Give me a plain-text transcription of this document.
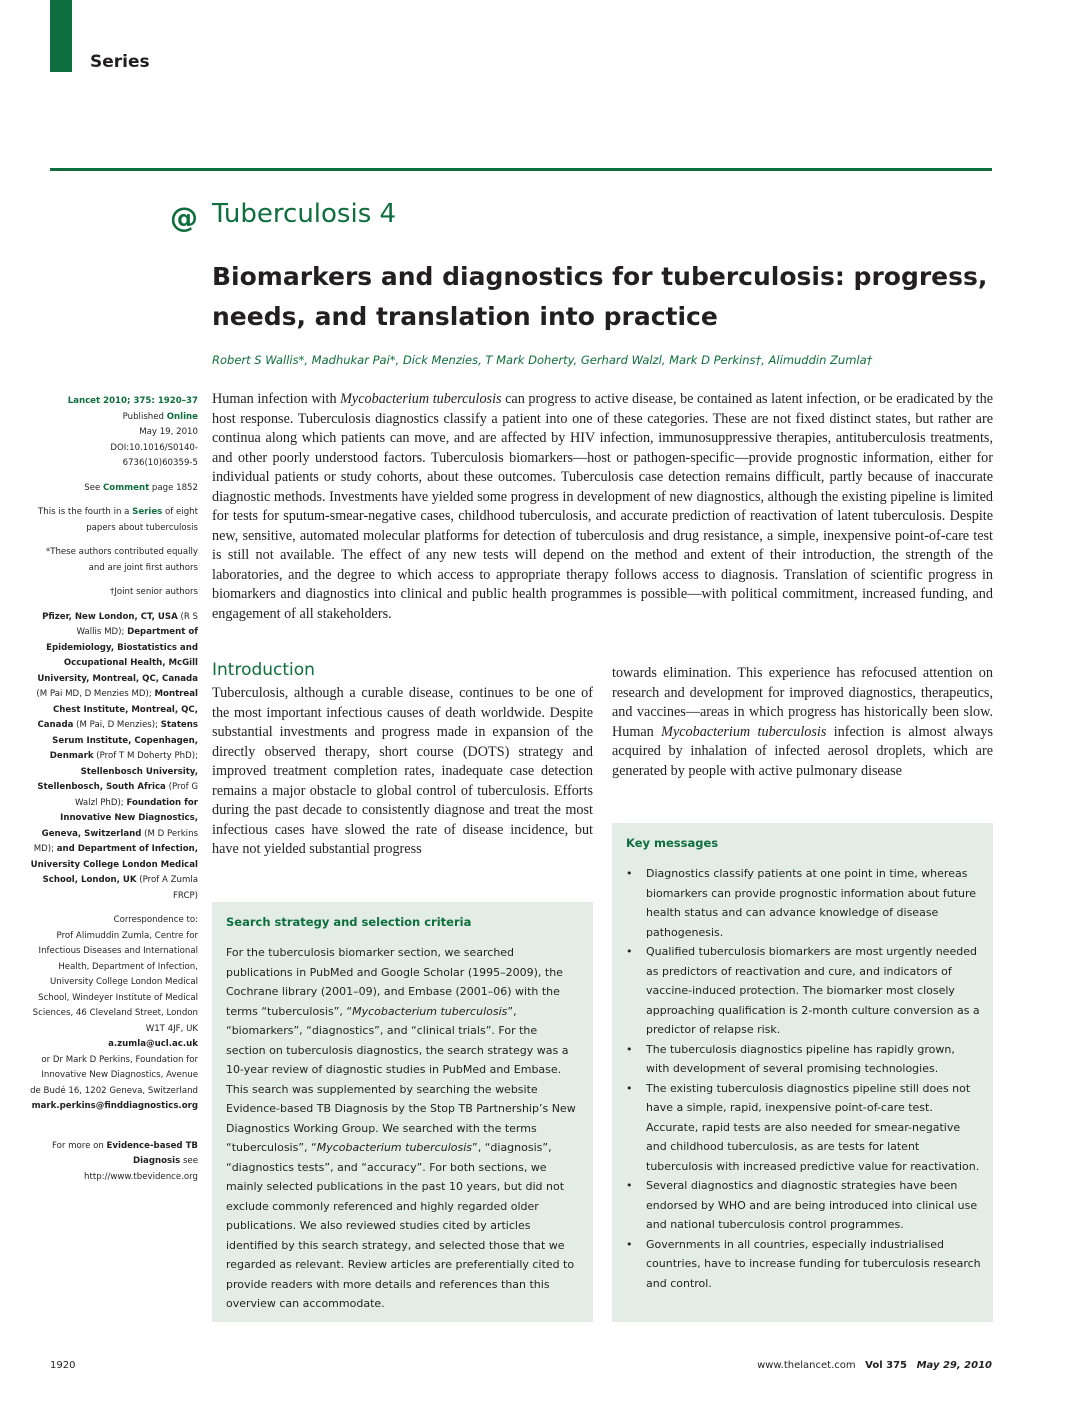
Series
@ Tuberculosis 4
Biomarkers and diagnostics for tuberculosis: progress, needs, and translation into practice
Robert S Wallis*, Madhukar Pai*, Dick Menzies, T Mark Doherty, Gerhard Walzl, Mark D Perkins†, Alimuddin Zumla†
Lancet 2010; 375: 1920–37
Published Online
May 19, 2010
DOI:10.1016/S0140-
6736(10)60359-5
See Comment page 1852
This is the fourth in a Series of eight papers about tuberculosis
*These authors contributed equally and are joint first authors
†Joint senior authors
Pfizer, New London, CT, USA (R S Wallis MD); Department of Epidemiology, Biostatistics and Occupational Health, McGill University, Montreal, QC, Canada (M Pai MD, D Menzies MD); Montreal Chest Institute, Montreal, QC, Canada (M Pai, D Menzies); Statens Serum Institute, Copenhagen, Denmark (Prof T M Doherty PhD); Stellenbosch University, Stellenbosch, South Africa (Prof G Walzl PhD); Foundation for Innovative New Diagnostics, Geneva, Switzerland (M D Perkins MD); and Department of Infection, University College London Medical School, London, UK (Prof A Zumla FRCP)
Correspondence to:
Prof Alimuddin Zumla, Centre for Infectious Diseases and International Health, Department of Infection, University College London Medical School, Windeyer Institute of Medical Sciences, 46 Cleveland Street, London W1T 4JF, UK
a.zumla@ucl.ac.uk
or Dr Mark D Perkins, Foundation for Innovative New Diagnostics, Avenue de Budé 16, 1202 Geneva, Switzerland
mark.perkins@finddiagnostics.org
For more on Evidence-based TB Diagnosis see http://www.tbevidence.org
Human infection with Mycobacterium tuberculosis can progress to active disease, be contained as latent infection, or be eradicated by the host response. Tuberculosis diagnostics classify a patient into one of these categories. These are not fixed distinct states, but rather are continua along which patients can move, and are affected by HIV infection, immunosuppressive therapies, antituberculosis treatments, and other poorly understood factors. Tuberculosis biomarkers—host or pathogen-specific—provide prognostic information, either for individual patients or study cohorts, about these outcomes. Tuberculosis case detection remains difficult, partly because of inaccurate diagnostic methods. Investments have yielded some progress in development of new diagnostics, although the existing pipeline is limited for tests for sputum-smear-negative cases, childhood tuberculosis, and accurate prediction of reactivation of latent tuberculosis. Despite new, sensitive, automated molecular platforms for detection of tuberculosis and drug resistance, a simple, inexpensive point-of-care test is still not available. The effect of any new tests will depend on the method and extent of their introduction, the strength of the laboratories, and the degree to which access to appropriate therapy follows access to diagnosis. Translation of scientific progress in biomarkers and diagnostics into clinical and public health programmes is possible—with political commitment, increased funding, and engagement of all stakeholders.
Introduction
Tuberculosis, although a curable disease, continues to be one of the most important infectious causes of death worldwide. Despite substantial investments and progress made in expansion of the directly observed therapy, short course (DOTS) strategy and improved treatment completion rates, inadequate case detection remains a major obstacle to global control of tuberculosis. Efforts during the past decade to consistently diagnose and treat the most infectious cases have slowed the rate of disease incidence, but have not yielded substantial progress
towards elimination. This experience has refocused attention on research and development for improved diagnostics, therapeutics, and vaccines—areas in which progress has historically been slow. Human Mycobacterium tuberculosis infection is almost always acquired by inhalation of infected aerosol droplets, which are generated by people with active pulmonary disease
Search strategy and selection criteria
For the tuberculosis biomarker section, we searched publications in PubMed and Google Scholar (1995–2009), the Cochrane library (2001–09), and Embase (2001–06) with the terms “tuberculosis”, “Mycobacterium tuberculosis”, “biomarkers”, “diagnostics”, and “clinical trials”. For the section on tuberculosis diagnostics, the search strategy was a 10-year review of diagnostic studies in PubMed and Embase. This search was supplemented by searching the website Evidence-based TB Diagnosis by the Stop TB Partnership’s New Diagnostics Working Group. We searched with the terms “tuberculosis”, “Mycobacterium tuberculosis”, “diagnosis”, “diagnostics tests”, and “accuracy”. For both sections, we mainly selected publications in the past 10 years, but did not exclude commonly referenced and highly regarded older publications. We also reviewed studies cited by articles identified by this search strategy, and selected those that we regarded as relevant. Review articles are preferentially cited to provide readers with more details and references than this overview can accommodate.
Key messages
• Diagnostics classify patients at one point in time, whereas biomarkers can provide prognostic information about future health status and can advance knowledge of disease pathogenesis.
• Qualified tuberculosis biomarkers are most urgently needed as predictors of reactivation and cure, and indicators of vaccine-induced protection. The biomarker most closely approaching qualification is 2-month culture conversion as a predictor of relapse risk.
• The tuberculosis diagnostics pipeline has rapidly grown, with development of several promising technologies.
• The existing tuberculosis diagnostics pipeline still does not have a simple, rapid, inexpensive point-of-care test. Accurate, rapid tests are also needed for smear-negative and childhood tuberculosis, as are tests for latent tuberculosis with increased predictive value for reactivation.
• Several diagnostics and diagnostic strategies have been endorsed by WHO and are being introduced into clinical use and national tuberculosis control programmes.
• Governments in all countries, especially industrialised countries, have to increase funding for tuberculosis research and control.
1920	www.thelancet.com Vol 375 May 29, 2010
